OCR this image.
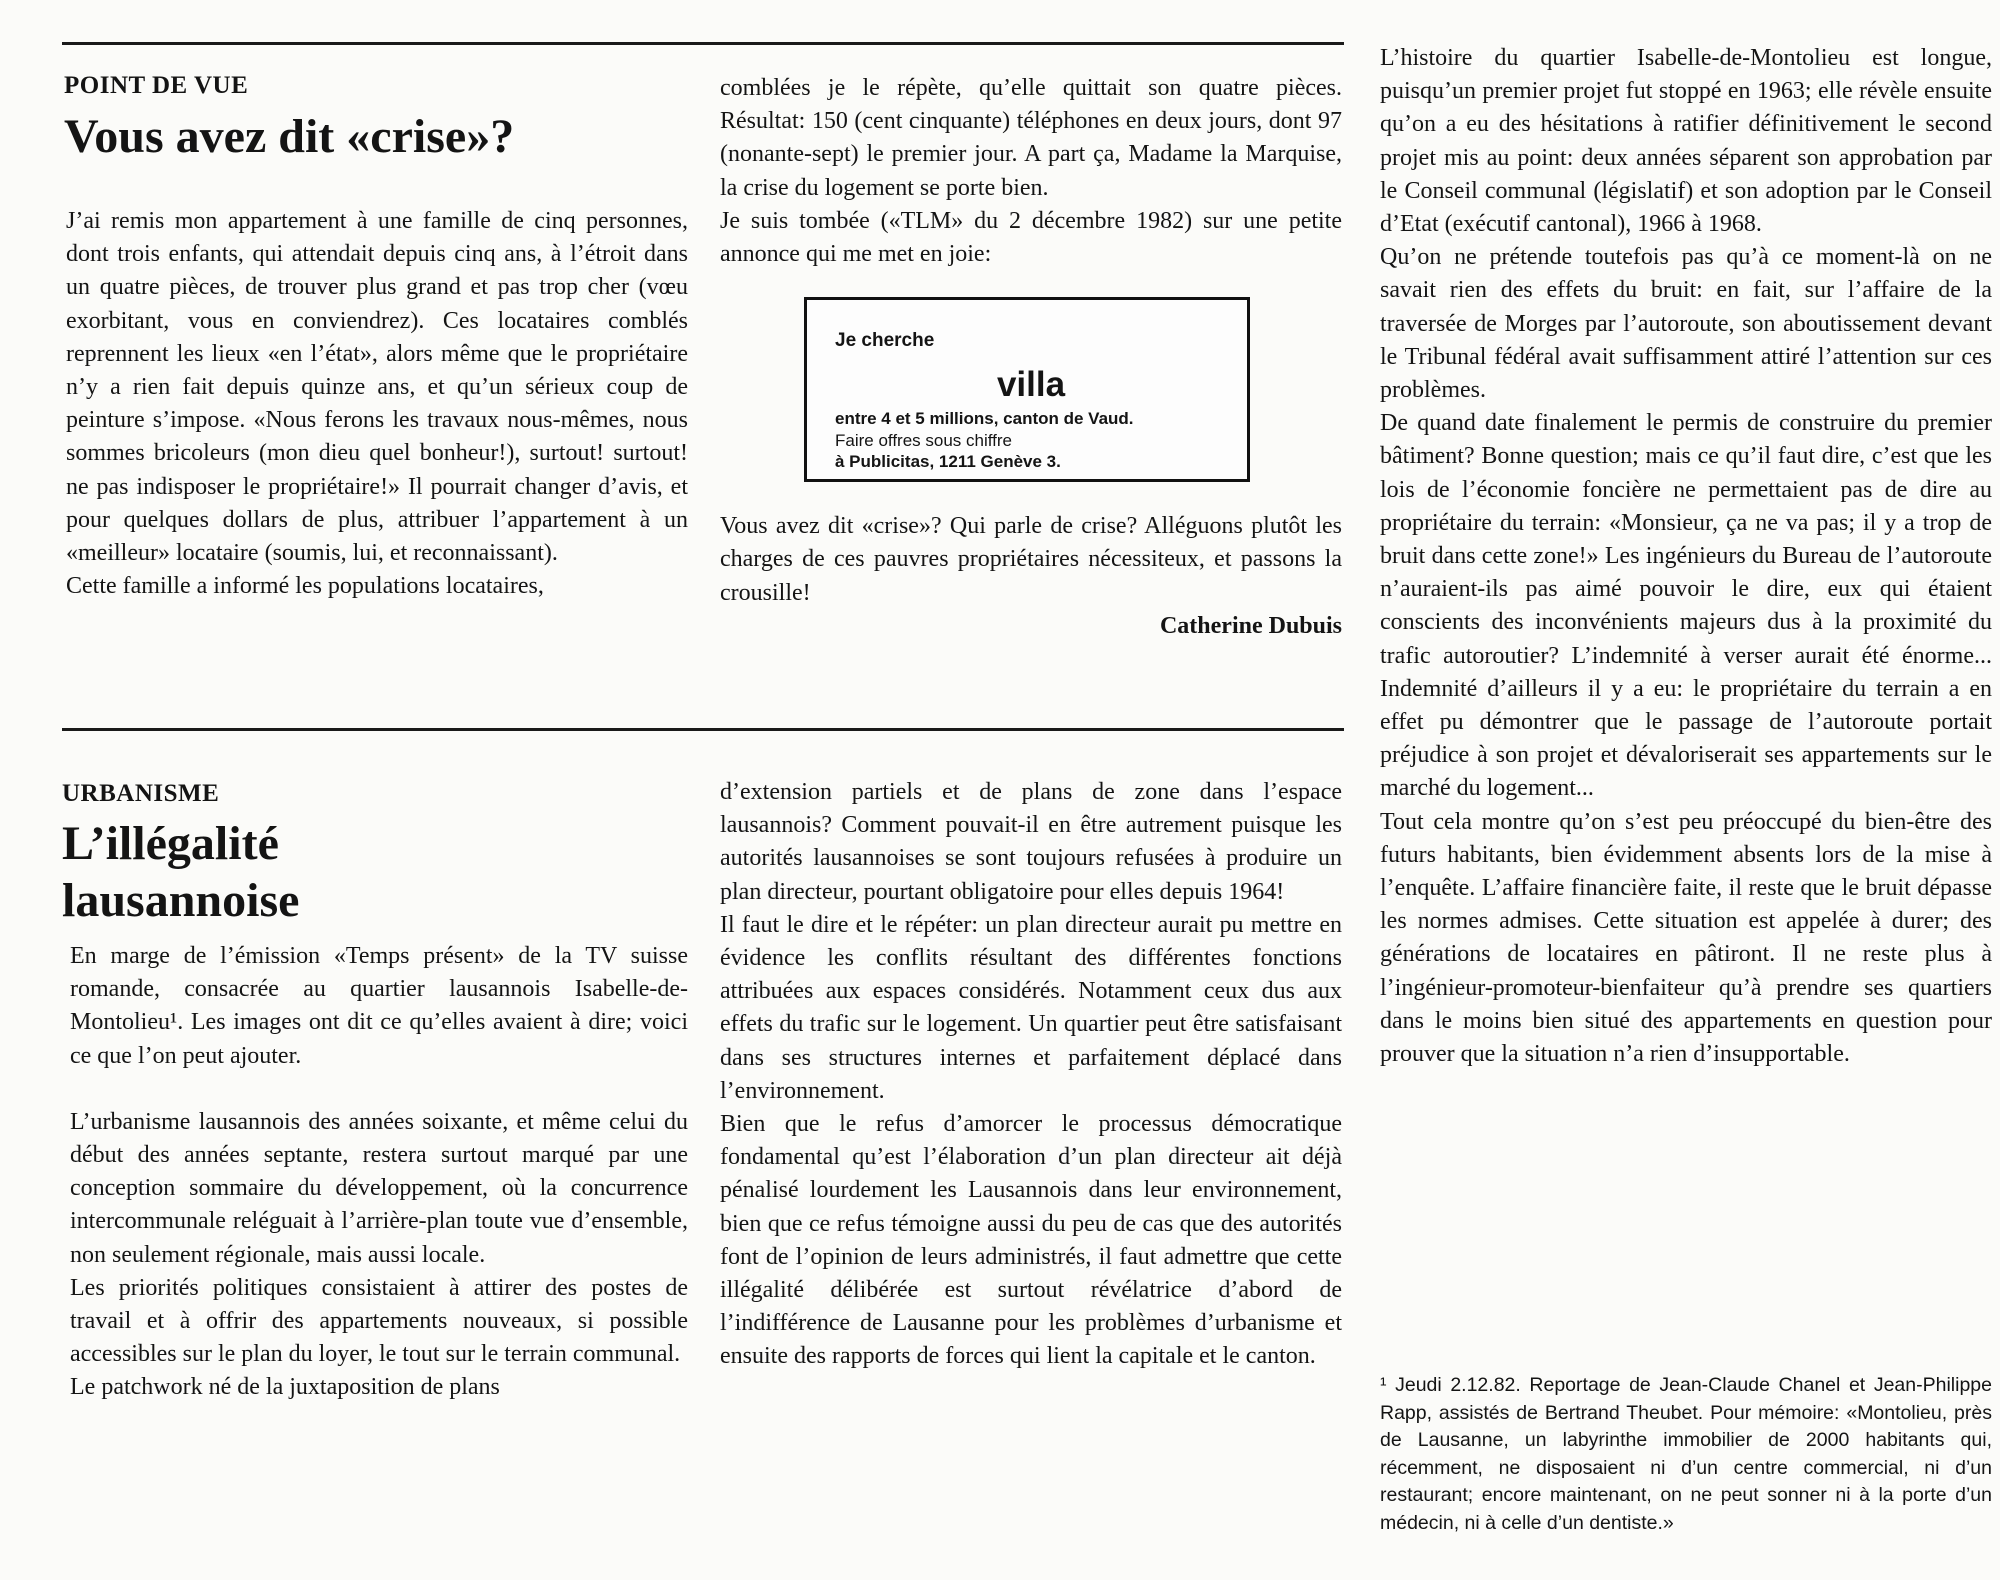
POINT DE VUE
Vous avez dit «crise»?

J’ai remis mon appartement à une famille de cinq personnes, dont trois enfants, qui attendait depuis cinq ans, à l’étroit dans un quatre pièces, de trouver plus grand et pas trop cher (vœu exorbitant, vous en conviendrez). Ces locataires comblés reprennent les lieux «en l’état», alors même que le propriétaire n’y a rien fait depuis quinze ans, et qu’un sérieux coup de peinture s’impose. «Nous ferons les travaux nous-mêmes, nous sommes bricoleurs (mon dieu quel bonheur!), surtout! surtout! ne pas indisposer le propriétaire!» Il pourrait changer d’avis, et pour quelques dollars de plus, attribuer l’appartement à un «meilleur» locataire (soumis, lui, et reconnaissant).

Cette famille a informé les populations locataires,

comblées je le répète, qu’elle quittait son quatre pièces. Résultat: 150 (cent cinquante) téléphones en deux jours, dont 97 (nonante-sept) le premier jour. A part ça, Madame la Marquise, la crise du logement se porte bien.

Je suis tombée («TLM» du 2 décembre 1982) sur une petite annonce qui me met en joie:

Je cherche
villa
entre 4 et 5 millions, canton de Vaud.
Faire offres sous chiffre
à Publicitas, 1211 Genève 3.

Vous avez dit «crise»? Qui parle de crise? Alléguons plutôt les charges de ces pauvres propriétaires nécessiteux, et passons la crousille!

Catherine Dubuis
URBANISME
L’illégalité
lausannoise

En marge de l’émission «Temps présent» de la TV suisse romande, consacrée au quartier lausannois Isabelle-de-Montolieu¹. Les images ont dit ce qu’elles avaient à dire; voici ce que l’on peut ajouter.

L’urbanisme lausannois des années soixante, et même celui du début des années septante, restera surtout marqué par une conception sommaire du développement, où la concurrence intercommunale reléguait à l’arrière-plan toute vue d’ensemble, non seulement régionale, mais aussi locale.

Les priorités politiques consistaient à attirer des postes de travail et à offrir des appartements nouveaux, si possible accessibles sur le plan du loyer, le tout sur le terrain communal.

Le patchwork né de la juxtaposition de plans

d’extension partiels et de plans de zone dans l’espace lausannois? Comment pouvait-il en être autrement puisque les autorités lausannoises se sont toujours refusées à produire un plan directeur, pourtant obligatoire pour elles depuis 1964!

Il faut le dire et le répéter: un plan directeur aurait pu mettre en évidence les conflits résultant des différentes fonctions attribuées aux espaces considérés. Notamment ceux dus aux effets du trafic sur le logement. Un quartier peut être satisfaisant dans ses structures internes et parfaitement déplacé dans l’environnement.

Bien que le refus d’amorcer le processus démocratique fondamental qu’est l’élaboration d’un plan directeur ait déjà pénalisé lourdement les Lausannois dans leur environnement, bien que ce refus témoigne aussi du peu de cas que des autorités font de l’opinion de leurs administrés, il faut admettre que cette illégalité délibérée est surtout révélatrice d’abord de l’indifférence de Lausanne pour les problèmes d’urbanisme et ensuite des rapports de forces qui lient la capitale et le canton.

L’histoire du quartier Isabelle-de-Montolieu est longue, puisqu’un premier projet fut stoppé en 1963; elle révèle ensuite qu’on a eu des hésitations à ratifier définitivement le second projet mis au point: deux années séparent son approbation par le Conseil communal (législatif) et son adoption par le Conseil d’Etat (exécutif cantonal), 1966 à 1968.

Qu’on ne prétende toutefois pas qu’à ce moment-là on ne savait rien des effets du bruit: en fait, sur l’affaire de la traversée de Morges par l’autoroute, son aboutissement devant le Tribunal fédéral avait suffisamment attiré l’attention sur ces problèmes.

De quand date finalement le permis de construire du premier bâtiment? Bonne question; mais ce qu’il faut dire, c’est que les lois de l’économie foncière ne permettaient pas de dire au propriétaire du terrain: «Monsieur, ça ne va pas; il y a trop de bruit dans cette zone!» Les ingénieurs du Bureau de l’autoroute n’auraient-ils pas aimé pouvoir le dire, eux qui étaient conscients des inconvénients majeurs dus à la proximité du trafic autoroutier? L’indemnité à verser aurait été énorme... Indemnité d’ailleurs il y a eu: le propriétaire du terrain a en effet pu démontrer que le passage de l’autoroute portait préjudice à son projet et dévaloriserait ses appartements sur le marché du logement...

Tout cela montre qu’on s’est peu préoccupé du bien-être des futurs habitants, bien évidemment absents lors de la mise à l’enquête. L’affaire financière faite, il reste que le bruit dépasse les normes admises. Cette situation est appelée à durer; des générations de locataires en pâtiront. Il ne reste plus à l’ingénieur-promoteur-bienfaiteur qu’à prendre ses quartiers dans le moins bien situé des appartements en question pour prouver que la situation n’a rien d’insupportable.

¹ Jeudi 2.12.82. Reportage de Jean-Claude Chanel et Jean-Philippe Rapp, assistés de Bertrand Theubet. Pour mémoire: «Montolieu, près de Lausanne, un labyrinthe immobilier de 2000 habitants qui, récemment, ne disposaient ni d’un centre commercial, ni d’un restaurant; encore maintenant, on ne peut sonner ni à la porte d’un médecin, ni à celle d’un dentiste.»
